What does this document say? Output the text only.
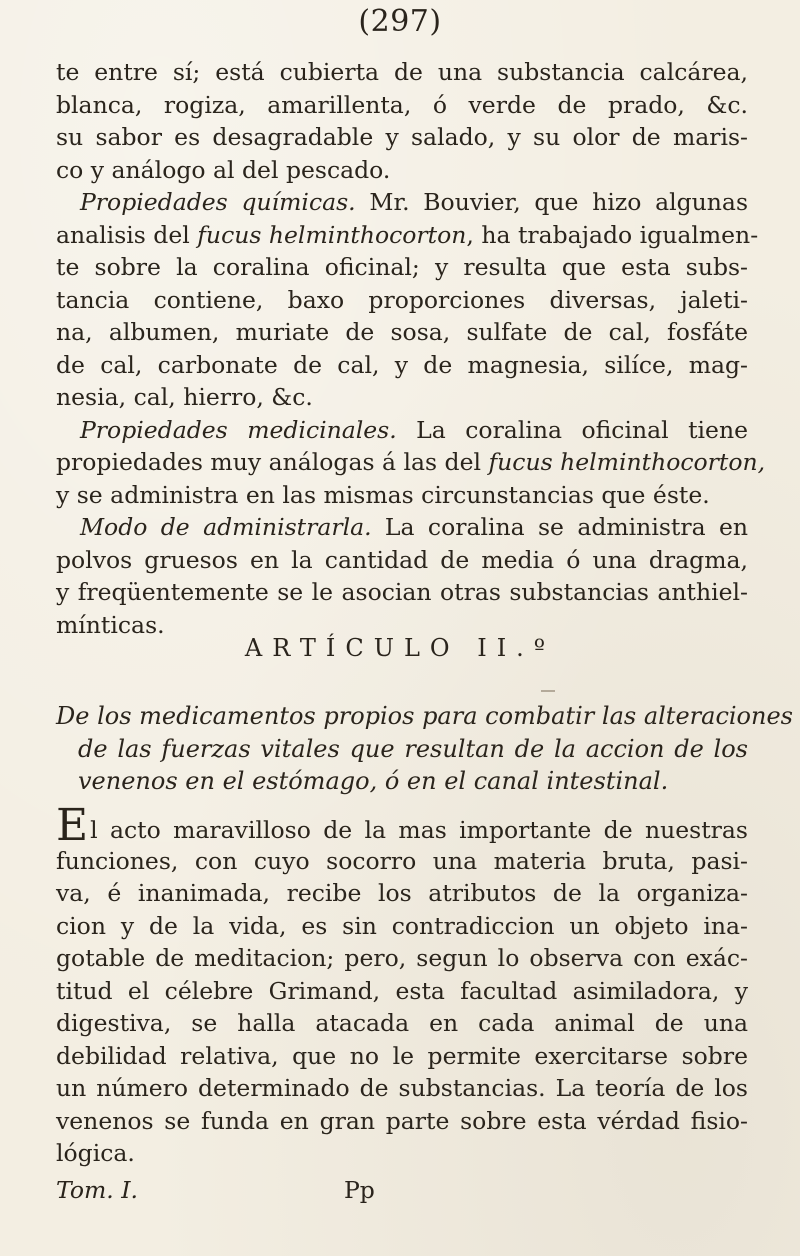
(297)
te entre sí; está cubierta de una substancia calcárea,
blanca, rogiza, amarillenta, ó verde de prado, &c.
su sabor es desagradable y salado, y su olor de maris-
co y análogo al del pescado.
Propiedades químicas. Mr. Bouvier, que hizo algunas
analisis del fucus helminthocorton, ha trabajado igualmen-
te sobre la coralina oficinal; y resulta que esta subs-
tancia contiene, baxo proporciones diversas, jaleti-
na, albumen, muriate de sosa, sulfate de cal, fosfáte
de cal, carbonate de cal, y de magnesia, silíce, mag-
nesia, cal, hierro, &c.
Propiedades medicinales. La coralina oficinal tiene
propiedades muy análogas á las del fucus helminthocorton,
y se administra en las mismas circunstancias que éste.
Modo de administrarla. La coralina se administra en
polvos gruesos en la cantidad de media ó una dragma,
y freqüentemente se le asocian otras substancias anthiel-
mínticas.
ARTÍCULO II.º
De los medicamentos propios para combatir las alteraciones
de las fuerzas vitales que resultan de la accion de los
venenos en el estómago, ó en el canal intestinal.
El acto maravilloso de la mas importante de nuestras
funciones, con cuyo socorro una materia bruta, pasi-
va, é inanimada, recibe los atributos de la organiza-
cion y de la vida, es sin contradiccion un objeto ina-
gotable de meditacion; pero, segun lo observa con exác-
titud el célebre Grimand, esta facultad asimiladora, y
digestiva, se halla atacada en cada animal de una
debilidad relativa, que no le permite exercitarse sobre
un número determinado de substancias. La teoría de los
venenos se funda en gran parte sobre esta vérdad fisio-
lógica.
Tom. I.	Pp
